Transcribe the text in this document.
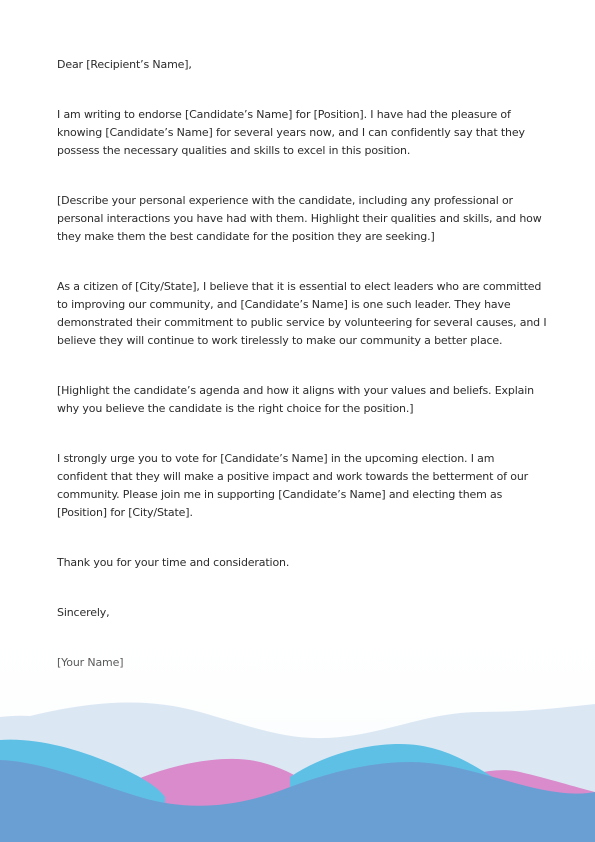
Dear [Recipient’s Name],

I am writing to endorse [Candidate’s Name] for [Position]. I have had the pleasure of knowing [Candidate’s Name] for several years now, and I can confidently say that they possess the necessary qualities and skills to excel in this position.

[Describe your personal experience with the candidate, including any professional or personal interactions you have had with them. Highlight their qualities and skills, and how they make them the best candidate for the position they are seeking.]

As a citizen of [City/State], I believe that it is essential to elect leaders who are committed to improving our community, and [Candidate’s Name] is one such leader. They have demonstrated their commitment to public service by volunteering for several causes, and I believe they will continue to work tirelessly to make our community a better place.

[Highlight the candidate’s agenda and how it aligns with your values and beliefs. Explain why you believe the candidate is the right choice for the position.]

I strongly urge you to vote for [Candidate’s Name] in the upcoming election. I am confident that they will make a positive impact and work towards the betterment of our community. Please join me in supporting [Candidate’s Name] and electing them as [Position] for [City/State].

Thank you for your time and consideration.
